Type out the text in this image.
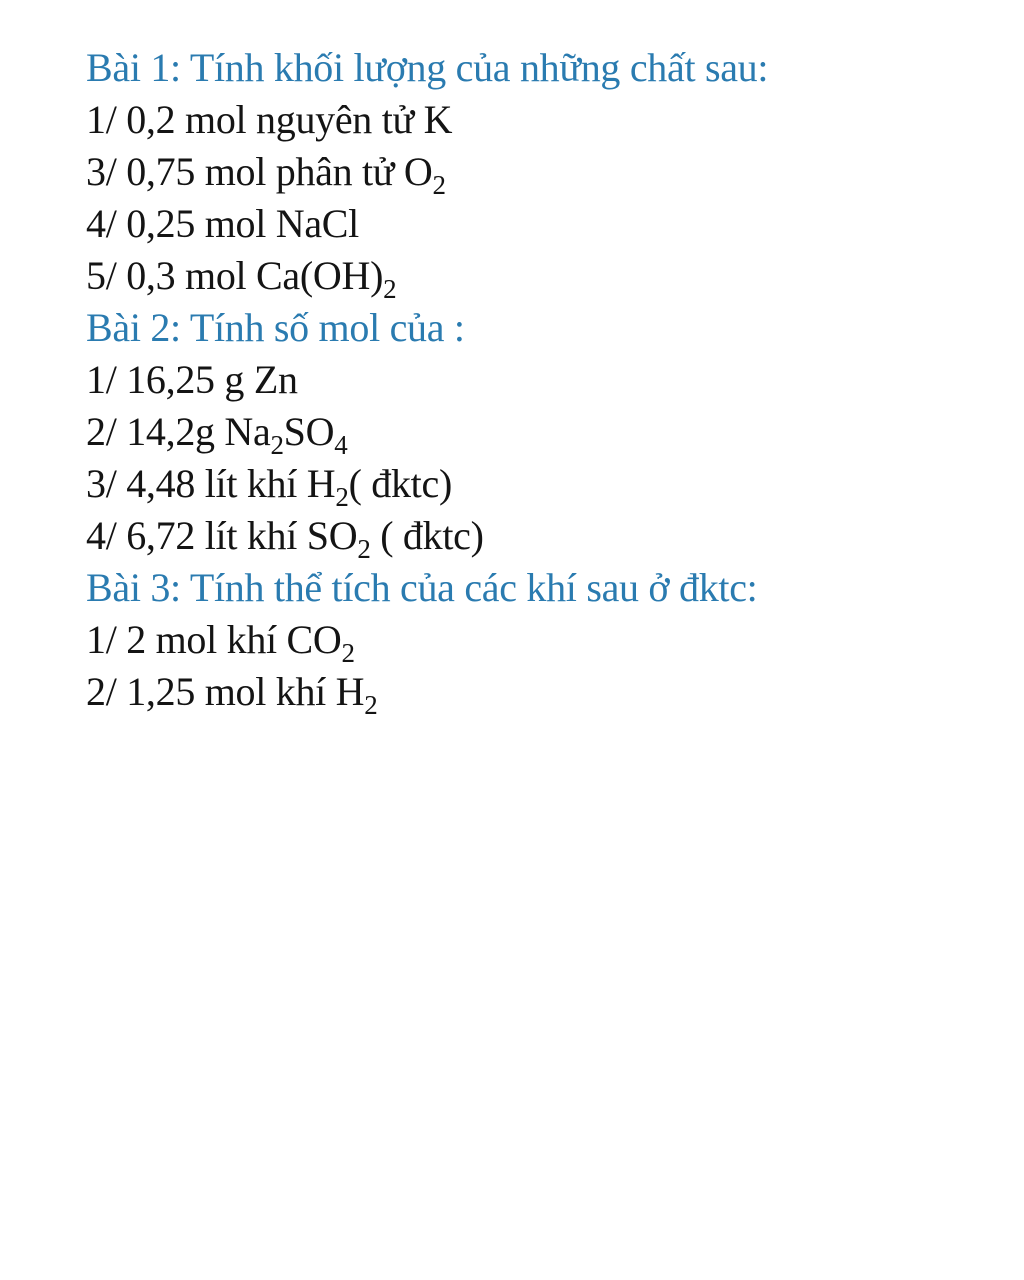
Bài 1: Tính khối lượng của những chất sau:
1/ 0,2 mol nguyên tử K
3/ 0,75 mol phân tử $O_2$
4/ 0,25 mol NaCl
5/ 0,3 mol $Ca(OH)_2$
Bài 2: Tính số mol của :
1/ 16,25 g Zn
2/ 14,2g $Na_2SO_4$
3/ 4,48 lít khí $H_2$( đktc)
4/ 6,72 lít khí $SO_2$ ( đktc)
Bài 3: Tính thể tích của các khí sau ở đktc:
1/ 2 mol khí $CO_2$
2/ 1,25 mol khí $H_2$
